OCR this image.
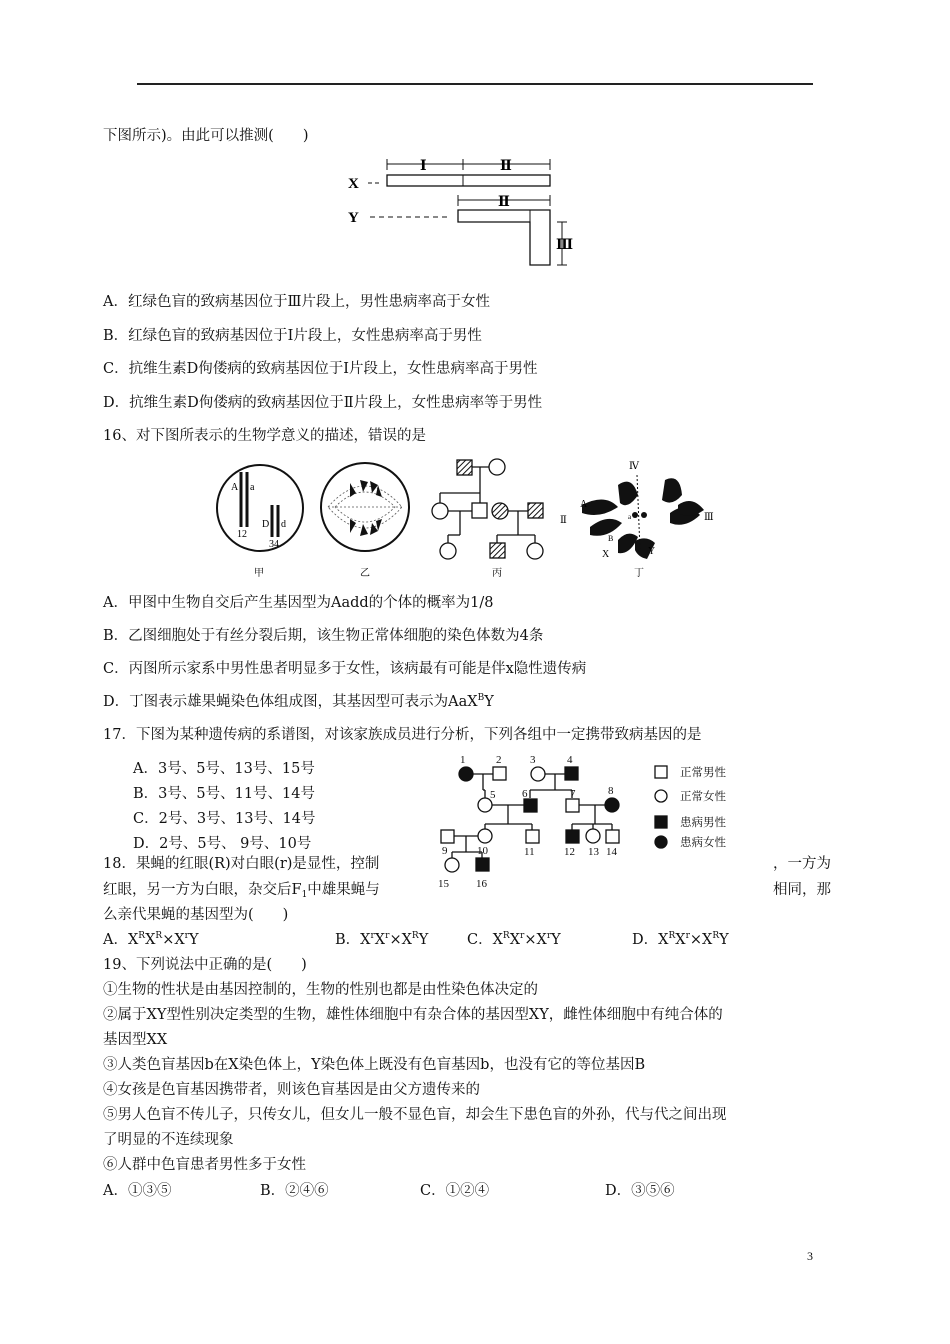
下图所示)。由此可以推测(　　)
X
Ⅰ	Ⅱ
Y
Ⅱ
Ⅲ
A．红绿色盲的致病基因位于Ⅲ片段上，男性患病率高于女性
B．红绿色盲的致病基因位于Ⅰ片段上，女性患病率高于男性
C．抗维生素D佝偻病的致病基因位于Ⅰ片段上，女性患病率高于男性
D．抗维生素D佝偻病的致病基因位于Ⅱ片段上，女性患病率等于男性
16、对下图所表示的生物学意义的描述，错误的是
A a
12
D d
34
甲	乙	丙
Ⅳ
Ⅱ	Ⅲ
A
a
B
X	Y
丁
A．甲图中生物自交后产生基因型为Aadd的个体的概率为1/8
B．乙图细胞处于有丝分裂后期，该生物正常体细胞的染色体数为4条
C．丙图所示家系中男性患者明显多于女性，该病最有可能是伴x隐性遗传病
D．丁图表示雄果蝇染色体组成图，其基因型可表示为AaX$^B$Y
17．下图为某种遗传病的系谱图，对该家族成员进行分析，下列各组中一定携带致病基因的是
A．3号、5号、13号、15号
B．3号、5号、11号、14号
C．2号、3号、13号、14号
D．2号、5号、 9号、10号
18．果蝇的红眼(R)对白眼(r)是显性，控制	，一方为
红眼，另一方为白眼，杂交后$F_1$中雄果蝇与	相同，那
么亲代果蝇的基因型为(　　)
1	2	3	4
5 6	7	8
9	10	11	12 13 14
15 16
正常男性
正常女性
患病男性
患病女性
A．$X^RX^R\times X^rY$	B．$X^rX^r\times X^RY$	C．$X^RX^r\times X^rY$	D．$X^RX^r\times X^RY$
19、下列说法中正确的是(　　)
①生物的性状是由基因控制的，生物的性别也都是由性染色体决定的
②属于XY型性别决定类型的生物，雄性体细胞中有杂合体的基因型XY，雌性体细胞中有纯合体的
基因型XX
③人类色盲基因b在X染色体上，Y染色体上既没有色盲基因b，也没有它的等位基因B
④女孩是色盲基因携带者，则该色盲基因是由父方遗传来的
⑤男人色盲不传儿子，只传女儿，但女儿一般不显色盲，却会生下患色盲的外孙，代与代之间出现
了明显的不连续现象
⑥人群中色盲患者男性多于女性
A．①③⑤	B．②④⑥	C．①②④	D．③⑤⑥
3
